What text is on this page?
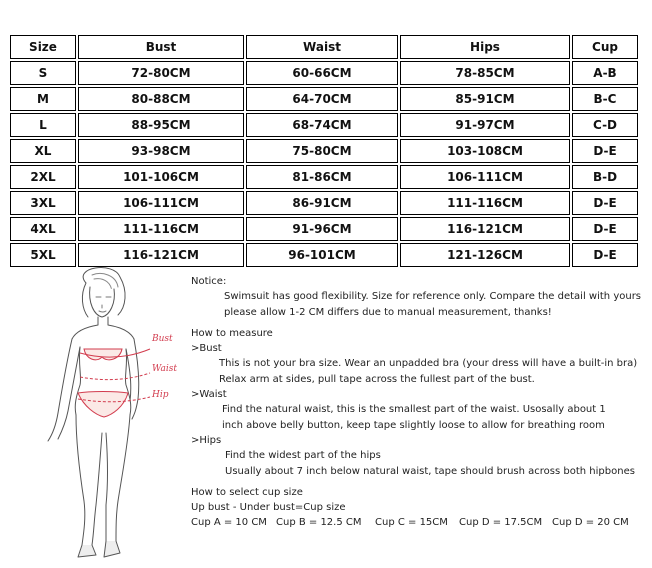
Size	Bust	Waist	Hips	Cup
S	72-80CM	60-66CM	78-85CM	A-B
M	80-88CM	64-70CM	85-91CM	B-C
L	88-95CM	68-74CM	91-97CM	C-D
XL	93-98CM	75-80CM	103-108CM	D-E
2XL	101-106CM	81-86CM	106-111CM	B-D
3XL	106-111CM	86-91CM	111-116CM	D-E
4XL	111-116CM	91-96CM	116-121CM	D-E
5XL	116-121CM	96-101CM	121-126CM	D-E
Bust
Waist
Hip

Notice:

Swimsuit has good flexibility. Size for reference only. Compare the detail with yours

please allow 1-2 CM differs due to manual measurement, thanks!

How to measure

>Bust

This is not your bra size. Wear an unpadded bra (your dress will have a built-in bra)

Relax arm at sides, pull tape across the fullest part of the bust.

>Waist

Find the natural waist, this is the smallest part of the waist. Usosally about 1

inch above belly button, keep tape slightly loose to allow for breathing room

>Hips

Find the widest part of the hips

Usually about 7 inch below natural waist, tape should brush across both hipbones

How to select cup size

Up bust - Under bust=Cup size

Cup A = 10 CM Cup B = 12.5 CM	Cup C = 15CM	Cup D = 17.5CM Cup D = 20 CM
